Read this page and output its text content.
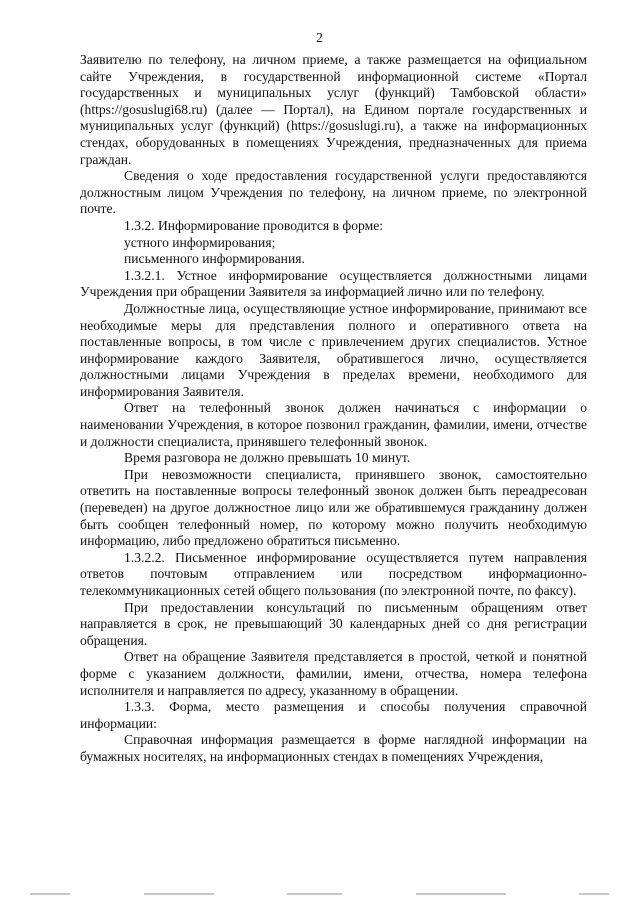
2

Заявителю по телефону, на личном приеме, а также размещается на официальном сайте Учреждения, в государственной информационной системе «Портал государственных и муниципальных услуг (функций) Тамбовской области» (https://gosuslugi68.ru) (далее — Портал), на Едином портале государственных и муниципальных услуг (функций) (https://gosuslugi.ru), а также на информационных стендах, оборудованных в помещениях Учреждения, предназначенных для приема граждан.

Сведения о ходе предоставления государственной услуги предоставляются должностным лицом Учреждения по телефону, на личном приеме, по электронной почте.

1.3.2. Информирование проводится в форме:

устного информирования;

письменного информирования.

1.3.2.1. Устное информирование осуществляется должностными лицами Учреждения при обращении Заявителя за информацией лично или по телефону.

Должностные лица, осуществляющие устное информирование, принимают все необходимые меры для представления полного и оперативного ответа на поставленные вопросы, в том числе с привлечением других специалистов. Устное информирование каждого Заявителя, обратившегося лично, осуществляется должностными лицами Учреждения в пределах времени, необходимого для информирования Заявителя.

Ответ на телефонный звонок должен начинаться с информации о наименовании Учреждения, в которое позвонил гражданин, фамилии, имени, отчестве и должности специалиста, принявшего телефонный звонок.

Время разговора не должно превышать 10 минут.

При невозможности специалиста, принявшего звонок, самостоятельно ответить на поставленные вопросы телефонный звонок должен быть переадресован (переведен) на другое должностное лицо или же обратившемуся гражданину должен быть сообщен телефонный номер, по которому можно получить необходимую информацию, либо предложено обратиться письменно.

1.3.2.2. Письменное информирование осуществляется путем направления ответов почтовым отправлением или посредством информационно-телекоммуникационных сетей общего пользования (по электронной почте, по факсу).

При предоставлении консультаций по письменным обращениям ответ направляется в срок, не превышающий 30 календарных дней со дня регистрации обращения.

Ответ на обращение Заявителя представляется в простой, четкой и понятной форме с указанием должности, фамилии, имени, отчества, номера телефона исполнителя и направляется по адресу, указанному в обращении.

1.3.3. Форма, место размещения и способы получения справочной информации:

Справочная информация размещается в форме наглядной информации на бумажных носителях, на информационных стендах в помещениях Учреждения,
